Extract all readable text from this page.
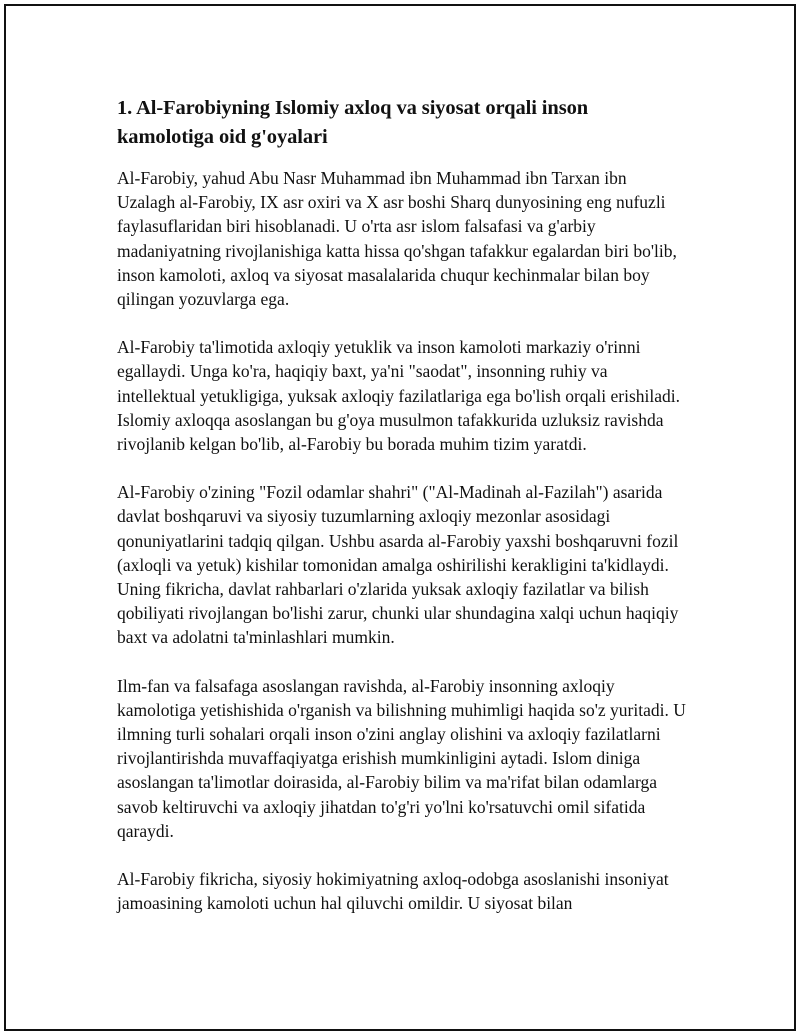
1. Al-Farobiyning Islomiy axloq va siyosat orqali inson kamolotiga oid g'oyalari

Al-Farobiy, yahud Abu Nasr Muhammad ibn Muhammad ibn Tarxan ibn Uzalagh al-Farobiy, IX asr oxiri va X asr boshi Sharq dunyosining eng nufuzli faylasuflaridan biri hisoblanadi. U o'rta asr islom falsafasi va g'arbiy madaniyatning rivojlanishiga katta hissa qo'shgan tafakkur egalardan biri bo'lib, inson kamoloti, axloq va siyosat masalalarida chuqur kechinmalar bilan boy qilingan yozuvlarga ega.

Al-Farobiy ta'limotida axloqiy yetuklik va inson kamoloti markaziy o'rinni egallaydi. Unga ko'ra, haqiqiy baxt, ya'ni "saodat", insonning ruhiy va intellektual yetukligiga, yuksak axloqiy fazilatlariga ega bo'lish orqali erishiladi. Islomiy axloqqa asoslangan bu g'oya musulmon tafakkurida uzluksiz ravishda rivojlanib kelgan bo'lib, al-Farobiy bu borada muhim tizim yaratdi.

Al-Farobiy o'zining "Fozil odamlar shahri" ("Al-Madinah al-Fazilah") asarida davlat boshqaruvi va siyosiy tuzumlarning axloqiy mezonlar asosidagi qonuniyatlarini tadqiq qilgan. Ushbu asarda al-Farobiy yaxshi boshqaruvni fozil (axloqli va yetuk) kishilar tomonidan amalga oshirilishi kerakligini ta'kidlaydi. Uning fikricha, davlat rahbarlari o'zlarida yuksak axloqiy fazilatlar va bilish qobiliyati rivojlangan bo'lishi zarur, chunki ular shundagina xalqi uchun haqiqiy baxt va adolatni ta'minlashlari mumkin.

Ilm-fan va falsafaga asoslangan ravishda, al-Farobiy insonning axloqiy kamolotiga yetishishida o'rganish va bilishning muhimligi haqida so'z yuritadi. U ilmning turli sohalari orqali inson o'zini anglay olishini va axloqiy fazilatlarni rivojlantirishda muvaffaqiyatga erishish mumkinligini aytadi. Islom diniga asoslangan ta'limotlar doirasida, al-Farobiy bilim va ma'rifat bilan odamlarga savob keltiruvchi va axloqiy jihatdan to'g'ri yo'lni ko'rsatuvchi omil sifatida qaraydi.

Al-Farobiy fikricha, siyosiy hokimiyatning axloq-odobga asoslanishi insoniyat jamoasining kamoloti uchun hal qiluvchi omildir. U siyosat bilan
